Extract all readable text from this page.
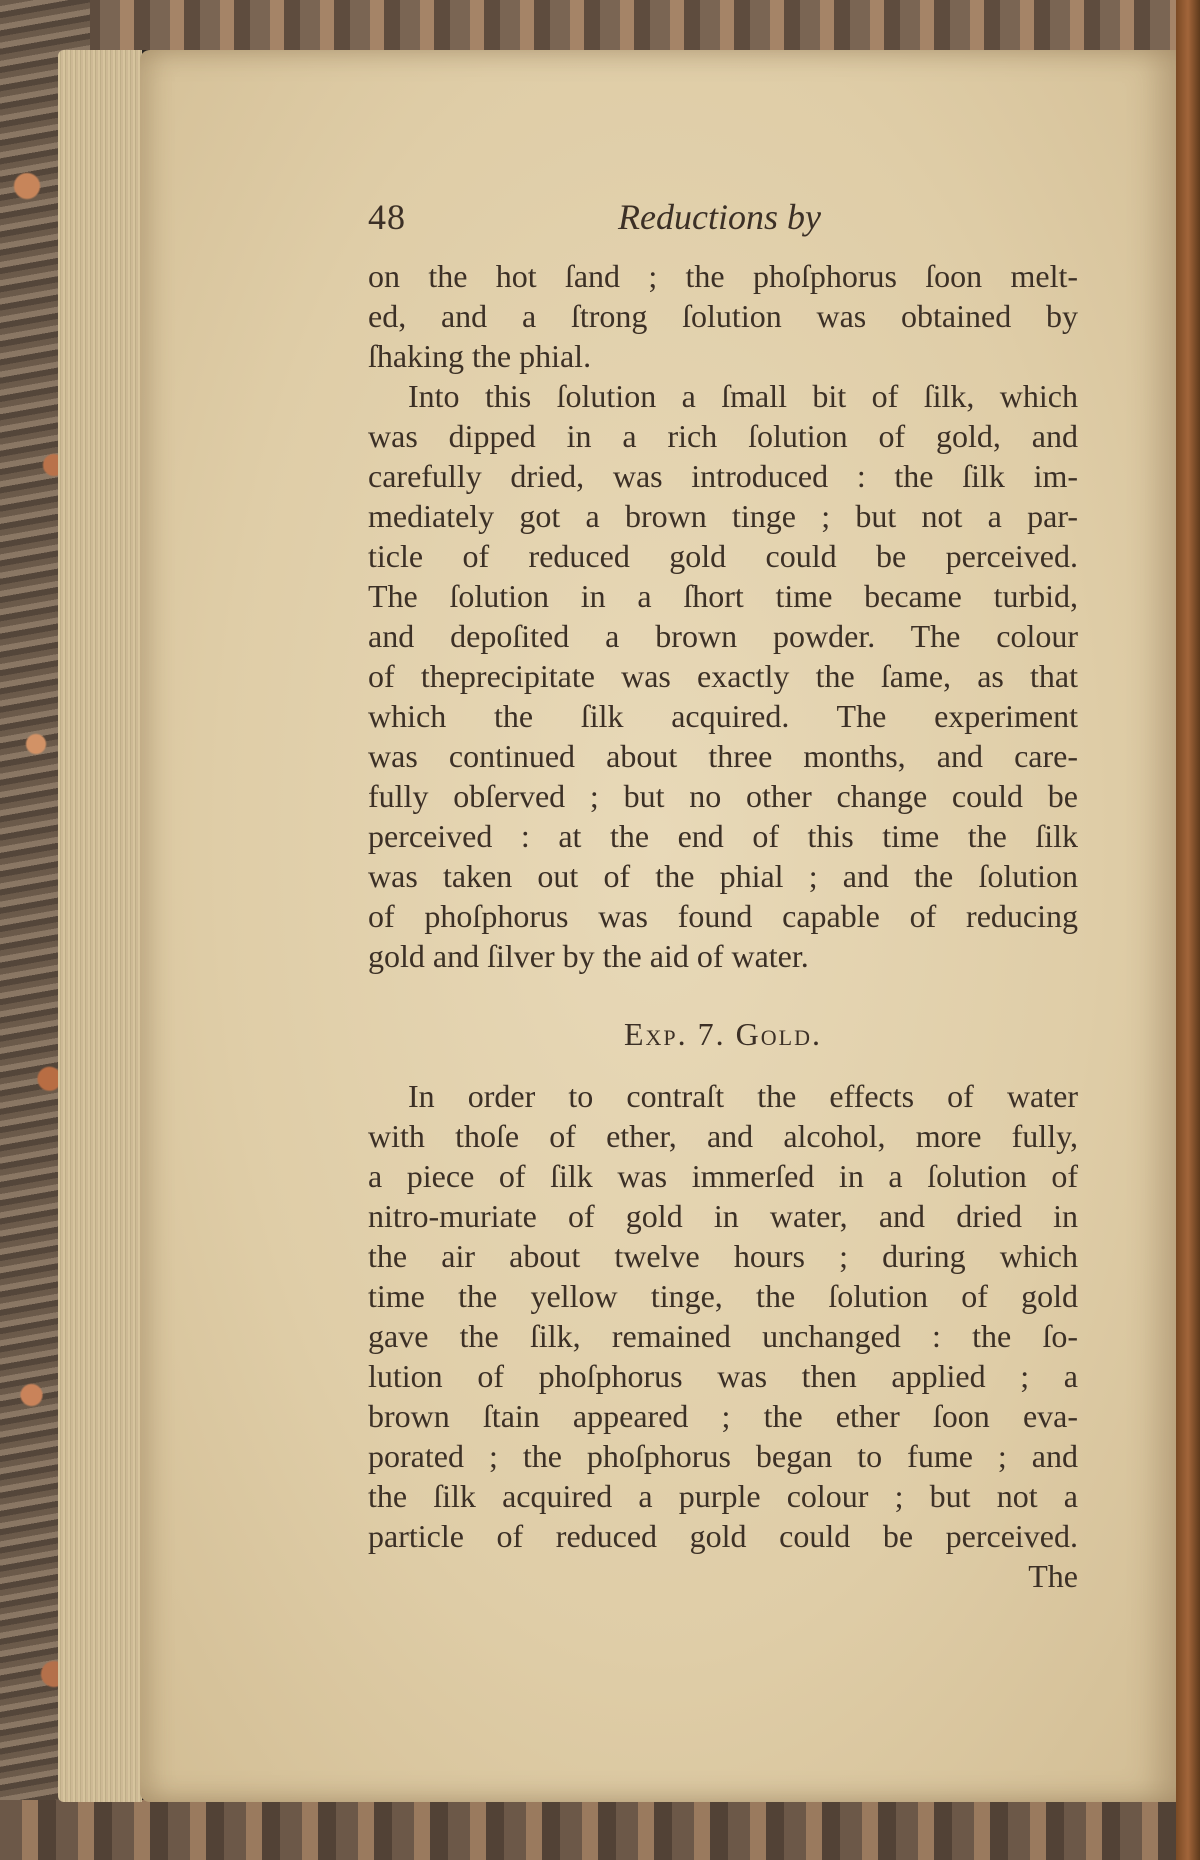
48	Reductions by
on the hot ſand ; the phoſphorus ſoon melt-
ed, and a ſtrong ſolution was obtained by
ſhaking the phial.
Into this ſolution a ſmall bit of ſilk, which
was dipped in a rich ſolution of gold, and
carefully dried, was introduced : the ſilk im-
mediately got a brown tinge ; but not a par-
ticle of reduced gold could be perceived.
The ſolution in a ſhort time became turbid,
and depoſited a brown powder. The colour
of theprecipitate was exactly the ſame, as that
which the ſilk acquired. The experiment
was continued about three months, and care-
fully obſerved ; but no other change could be
perceived : at the end of this time the ſilk
was taken out of the phial ; and the ſolution
of phoſphorus was found capable of reducing
gold and ſilver by the aid of water.
Exp. 7. Gold.
In order to contraſt the effects of water
with thoſe of ether, and alcohol, more fully,
a piece of ſilk was immerſed in a ſolution of
nitro-muriate of gold in water, and dried in
the air about twelve hours ; during which
time the yellow tinge, the ſolution of gold
gave the ſilk, remained unchanged : the ſo-
lution of phoſphorus was then applied ; a
brown ſtain appeared ; the ether ſoon eva-
porated ; the phoſphorus began to fume ; and
the ſilk acquired a purple colour ; but not a
particle of reduced gold could be perceived.
The
